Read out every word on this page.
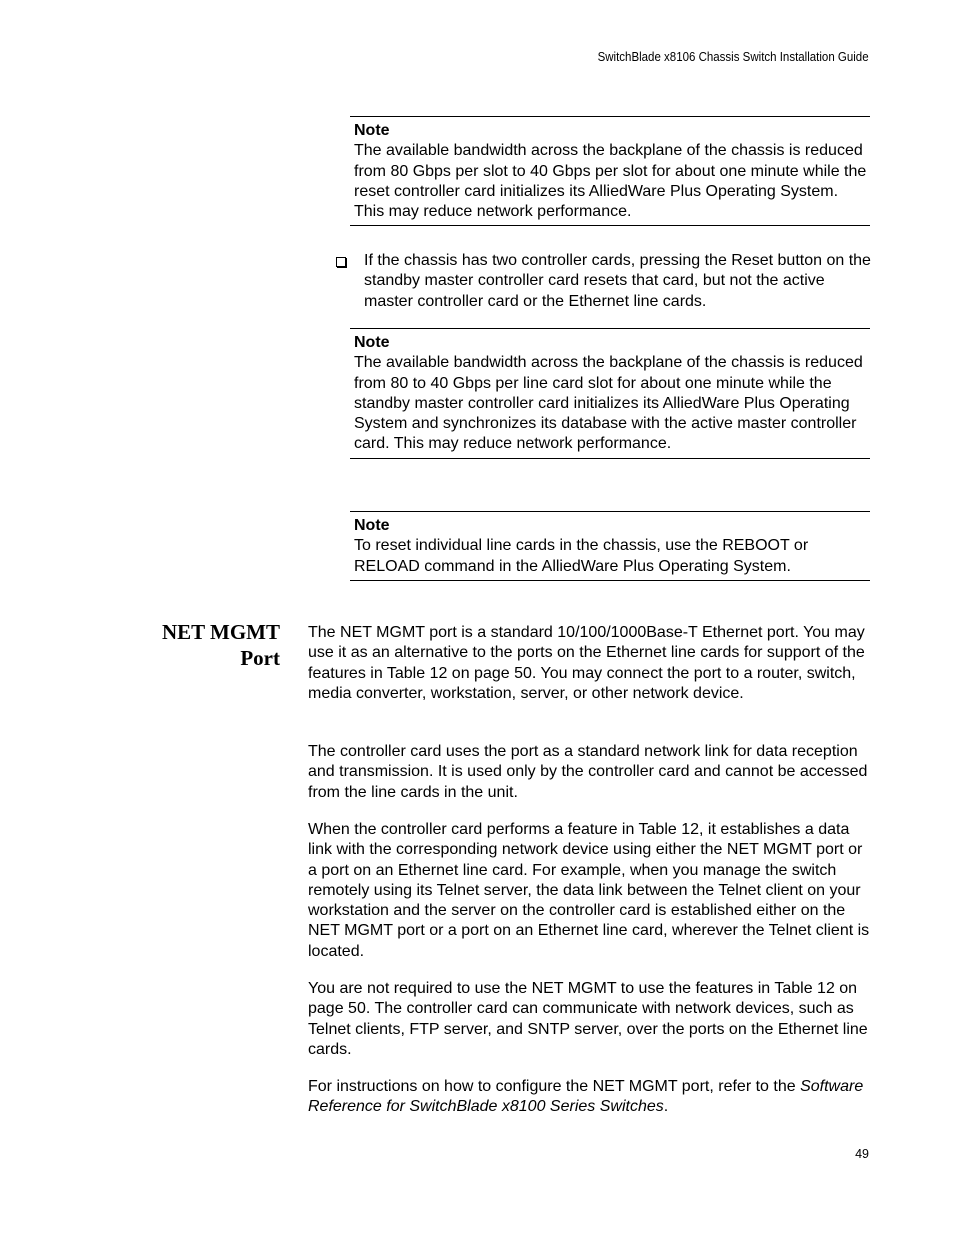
SwitchBlade x8106 Chassis Switch Installation Guide
Note

The available bandwidth across the backplane of the chassis is reduced from 80 Gbps per slot to 40 Gbps per slot for about one minute while the reset controller card initializes its AlliedWare Plus Operating System. This may reduce network performance.

If the chassis has two controller cards, pressing the Reset button on the standby master controller card resets that card, but not the active master controller card or the Ethernet line cards.
Note

The available bandwidth across the backplane of the chassis is reduced from 80 to 40 Gbps per line card slot for about one minute while the standby master controller card initializes its AlliedWare Plus Operating System and synchronizes its database with the active master controller card. This may reduce network performance.

Note

To reset individual line cards in the chassis, use the REBOOT or RELOAD command in the AlliedWare Plus Operating System.

NET MGMT
Port

The NET MGMT port is a standard 10/100/1000Base-T Ethernet port. You may use it as an alternative to the ports on the Ethernet line cards for support of the features in Table 12 on page 50. You may connect the port to a router, switch, media converter, workstation, server, or other network device.

The controller card uses the port as a standard network link for data reception and transmission. It is used only by the controller card and cannot be accessed from the line cards in the unit.

When the controller card performs a feature in Table 12, it establishes a data link with the corresponding network device using either the NET MGMT port or a port on an Ethernet line card. For example, when you manage the switch remotely using its Telnet server, the data link between the Telnet client on your workstation and the server on the controller card is established either on the NET MGMT port or a port on an Ethernet line card, wherever the Telnet client is located.

You are not required to use the NET MGMT to use the features in Table 12 on page 50. The controller card can communicate with network devices, such as Telnet clients, FTP server, and SNTP server, over the ports on the Ethernet line cards.

For instructions on how to configure the NET MGMT port, refer to the Software Reference for SwitchBlade x8100 Series Switches.

49
